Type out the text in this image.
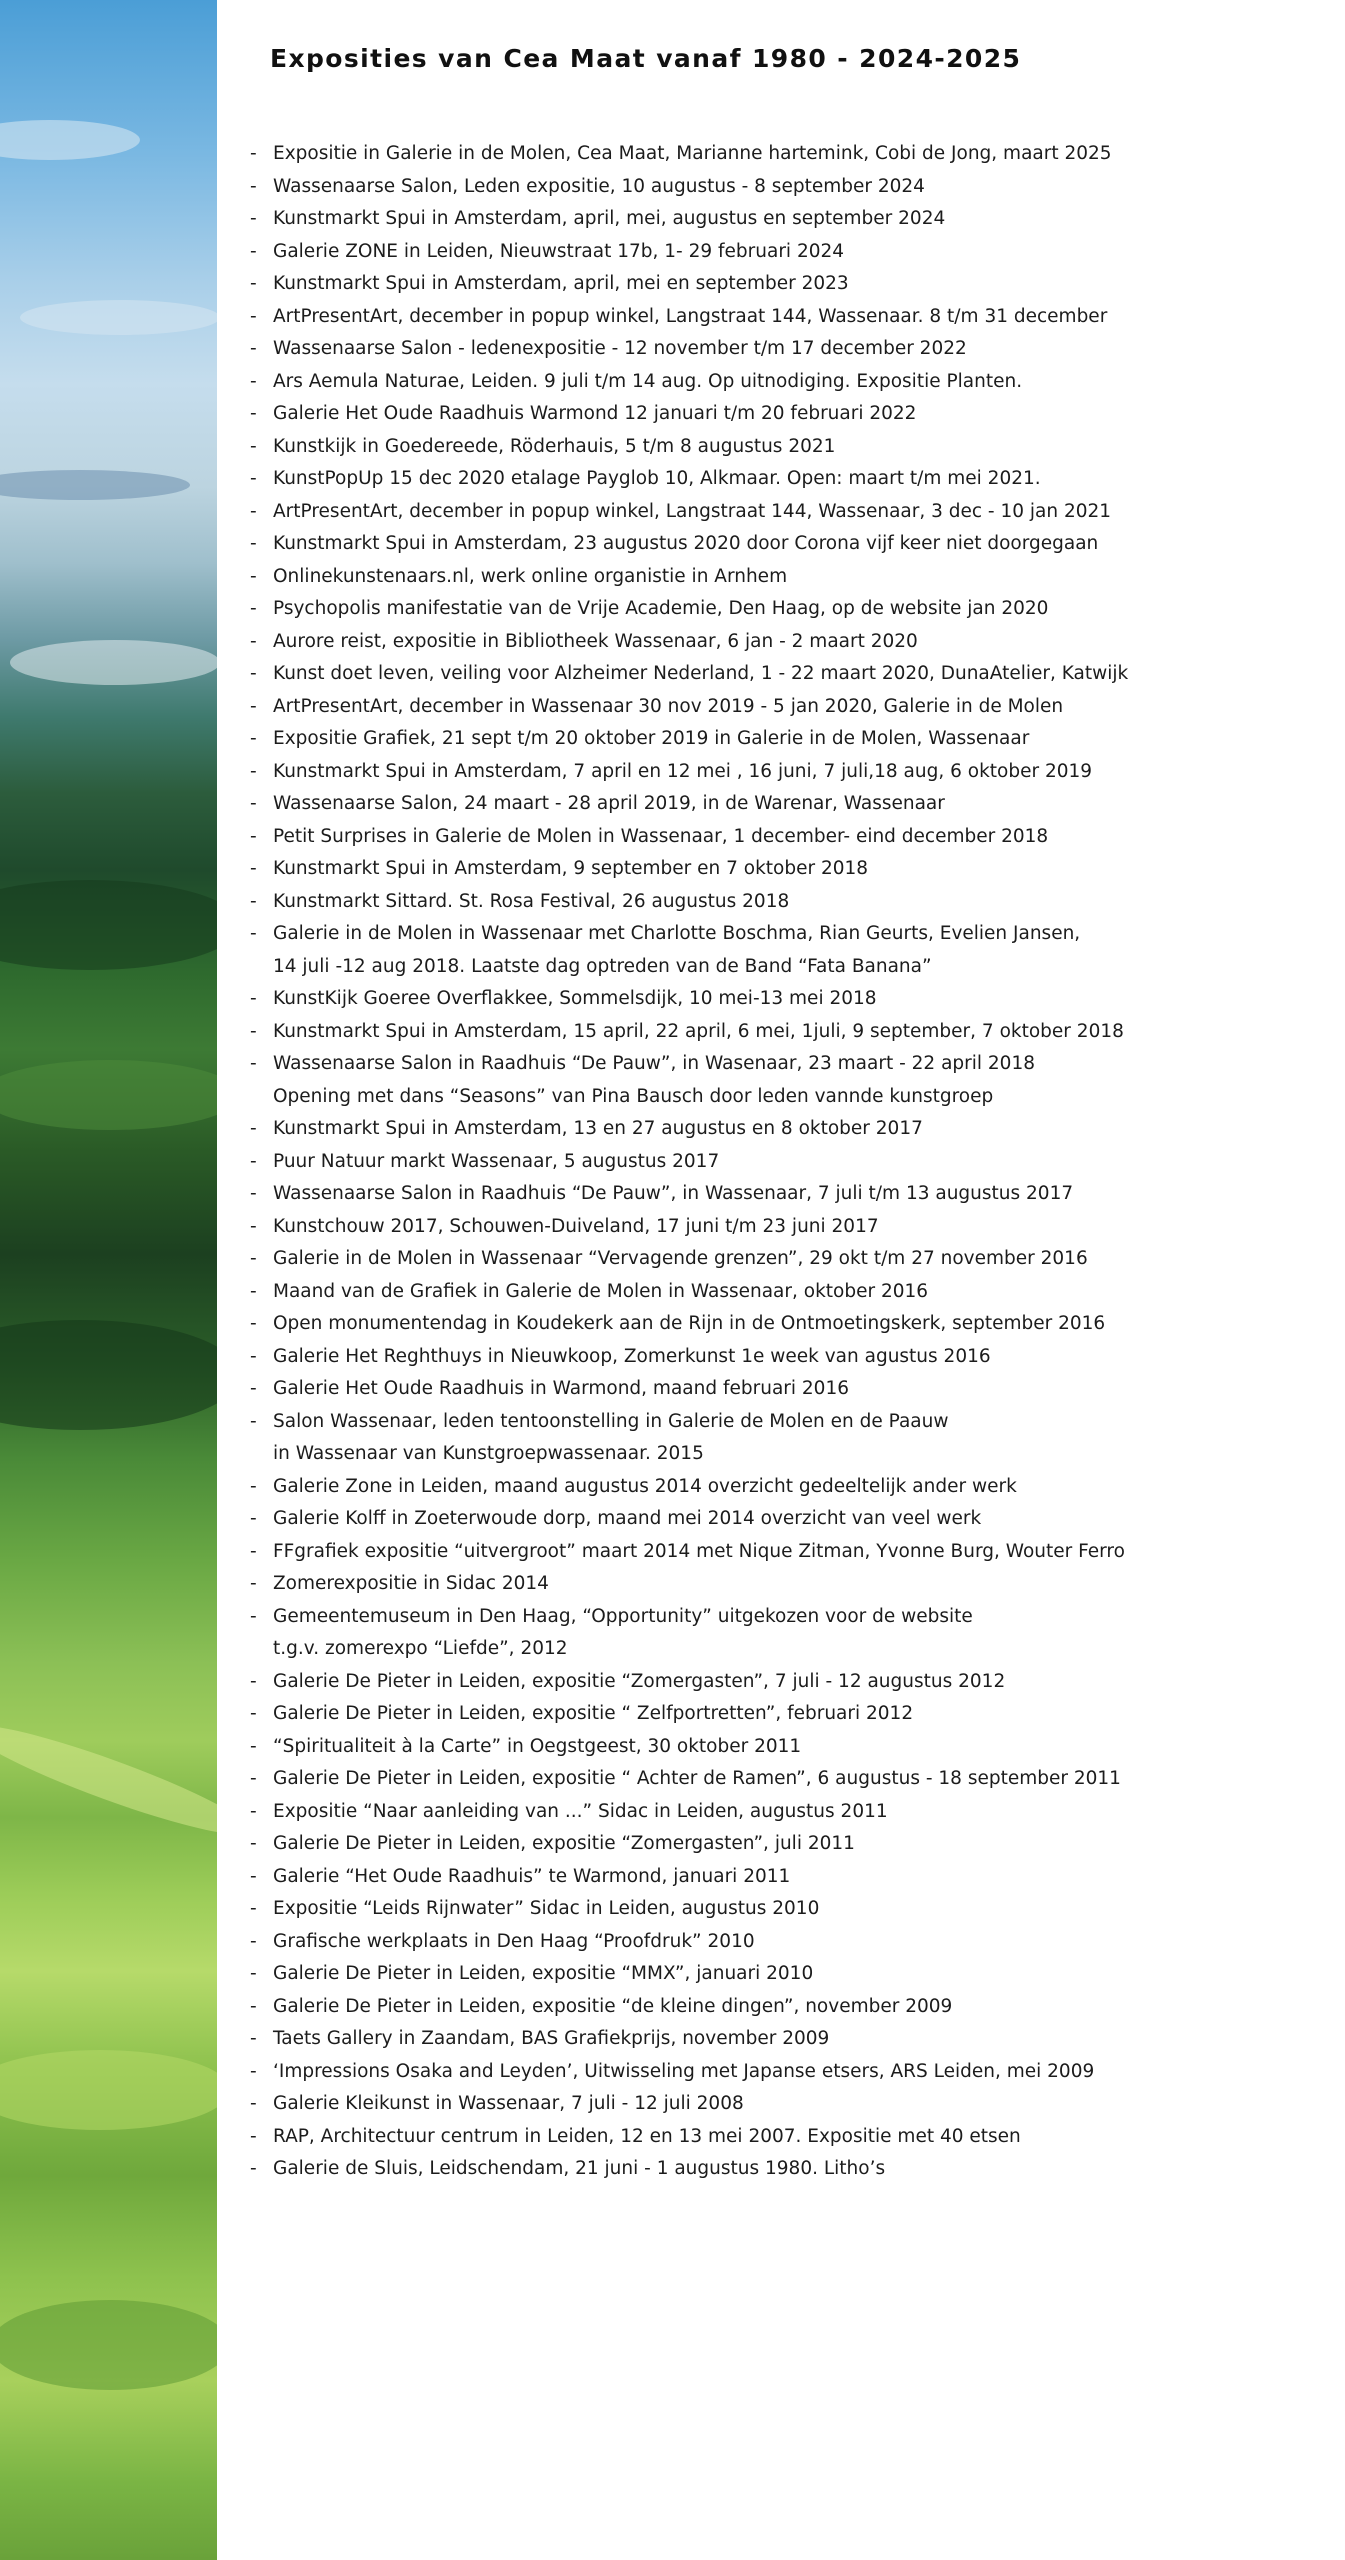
Exposities van Cea Maat vanaf 1980 - 2024-2025
- Expositie in Galerie in de Molen, Cea Maat, Marianne hartemink, Cobi de Jong, maart 2025
- Wassenaarse Salon, Leden expositie, 10 augustus - 8 september 2024
- Kunstmarkt Spui in Amsterdam, april, mei, augustus en september 2024
- Galerie ZONE in Leiden, Nieuwstraat 17b, 1- 29 februari 2024
- Kunstmarkt Spui in Amsterdam, april, mei en september 2023
- ArtPresentArt, december in popup winkel, Langstraat 144, Wassenaar. 8 t/m 31 december
- Wassenaarse Salon - ledenexpositie - 12 november t/m 17 december 2022
- Ars Aemula Naturae, Leiden. 9 juli t/m 14 aug. Op uitnodiging. Expositie Planten.
- Galerie Het Oude Raadhuis Warmond 12 januari t/m 20 februari 2022
- Kunstkijk in Goedereede, Röderhauis, 5 t/m 8 augustus 2021
- KunstPopUp 15 dec 2020 etalage Payglob 10, Alkmaar. Open: maart t/m mei 2021.
- ArtPresentArt, december in popup winkel, Langstraat 144, Wassenaar, 3 dec - 10 jan 2021
- Kunstmarkt Spui in Amsterdam, 23 augustus 2020 door Corona vijf keer niet doorgegaan
- Onlinekunstenaars.nl, werk online organistie in Arnhem
- Psychopolis manifestatie van de Vrije Academie, Den Haag, op de website jan 2020
- Aurore reist, expositie in Bibliotheek Wassenaar, 6 jan - 2 maart 2020
- Kunst doet leven, veiling voor Alzheimer Nederland, 1 - 22 maart 2020, DunaAtelier, Katwijk
- ArtPresentArt, december in Wassenaar 30 nov 2019 - 5 jan 2020, Galerie in de Molen
- Expositie Grafiek, 21 sept t/m 20 oktober 2019 in Galerie in de Molen, Wassenaar
- Kunstmarkt Spui in Amsterdam, 7 april en 12 mei , 16 juni, 7 juli,18 aug, 6 oktober 2019
- Wassenaarse Salon, 24 maart - 28 april 2019, in de Warenar, Wassenaar
- Petit Surprises in Galerie de Molen in Wassenaar, 1 december- eind december 2018
- Kunstmarkt Spui in Amsterdam, 9 september en 7 oktober 2018
- Kunstmarkt Sittard. St. Rosa Festival, 26 augustus 2018
- Galerie in de Molen in Wassenaar met Charlotte Boschma, Rian Geurts, Evelien Jansen,
14 juli -12 aug 2018. Laatste dag optreden van de Band “Fata Banana”
- KunstKijk Goeree Overflakkee, Sommelsdijk, 10 mei-13 mei 2018
- Kunstmarkt Spui in Amsterdam, 15 april, 22 april, 6 mei, 1juli, 9 september, 7 oktober 2018
- Wassenaarse Salon in Raadhuis “De Pauw”, in Wasenaar, 23 maart - 22 april 2018
Opening met dans “Seasons” van Pina Bausch door leden vannde kunstgroep
- Kunstmarkt Spui in Amsterdam, 13 en 27 augustus en 8 oktober 2017
- Puur Natuur markt Wassenaar, 5 augustus 2017
- Wassenaarse Salon in Raadhuis “De Pauw”, in Wassenaar, 7 juli t/m 13 augustus 2017
- Kunstchouw 2017, Schouwen-Duiveland, 17 juni t/m 23 juni 2017
- Galerie in de Molen in Wassenaar “Vervagende grenzen”, 29 okt t/m 27 november 2016
- Maand van de Grafiek in Galerie de Molen in Wassenaar, oktober 2016
- Open monumentendag in Koudekerk aan de Rijn in de Ontmoetingskerk, september 2016
- Galerie Het Reghthuys in Nieuwkoop, Zomerkunst 1e week van agustus 2016
- Galerie Het Oude Raadhuis in Warmond, maand februari 2016
- Salon Wassenaar, leden tentoonstelling in Galerie de Molen en de Paauw
in Wassenaar van Kunstgroepwassenaar. 2015
- Galerie Zone in Leiden, maand augustus 2014 overzicht gedeeltelijk ander werk
- Galerie Kolff in Zoeterwoude dorp, maand mei 2014 overzicht van veel werk
- FFgrafiek expositie “uitvergroot” maart 2014 met Nique Zitman, Yvonne Burg, Wouter Ferro
- Zomerexpositie in Sidac 2014
- Gemeentemuseum in Den Haag, “Opportunity” uitgekozen voor de website
t.g.v. zomerexpo “Liefde”, 2012
- Galerie De Pieter in Leiden, expositie “Zomergasten”, 7 juli - 12 augustus 2012
- Galerie De Pieter in Leiden, expositie “ Zelfportretten”, februari 2012
- “Spiritualiteit à la Carte” in Oegstgeest, 30 oktober 2011
- Galerie De Pieter in Leiden, expositie “ Achter de Ramen”, 6 augustus - 18 september 2011
- Expositie “Naar aanleiding van ...” Sidac in Leiden, augustus 2011
- Galerie De Pieter in Leiden, expositie “Zomergasten”, juli 2011
- Galerie “Het Oude Raadhuis” te Warmond, januari 2011
- Expositie “Leids Rijnwater” Sidac in Leiden, augustus 2010
- Grafische werkplaats in Den Haag “Proofdruk” 2010
- Galerie De Pieter in Leiden, expositie “MMX”, januari 2010
- Galerie De Pieter in Leiden, expositie “de kleine dingen”, november 2009
- Taets Gallery in Zaandam, BAS Grafiekprijs, november 2009
- ‘Impressions Osaka and Leyden’, Uitwisseling met Japanse etsers, ARS Leiden, mei 2009
- Galerie Kleikunst in Wassenaar, 7 juli - 12 juli 2008
- RAP, Architectuur centrum in Leiden, 12 en 13 mei 2007. Expositie met 40 etsen
- Galerie de Sluis, Leidschendam, 21 juni - 1 augustus 1980. Litho’s
